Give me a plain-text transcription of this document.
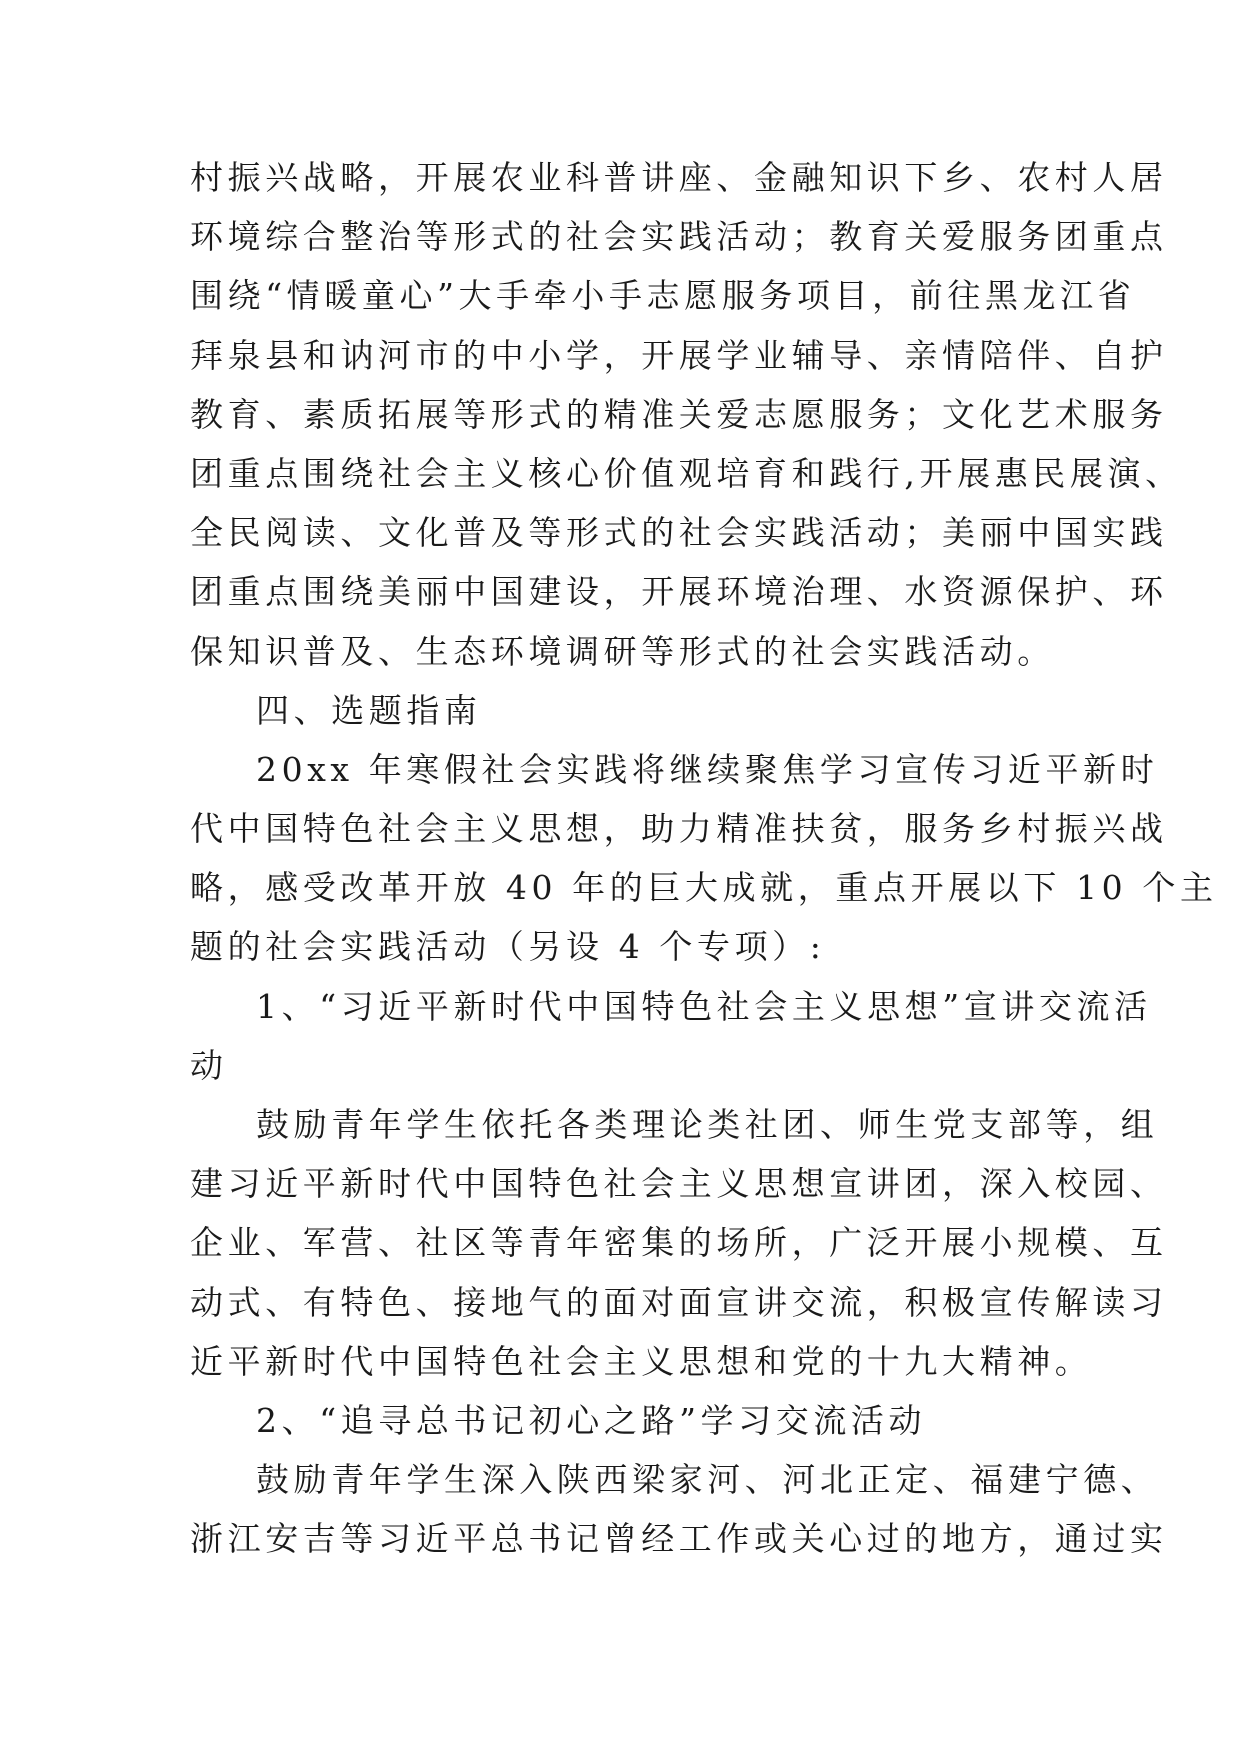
村振兴战略，开展农业科普讲座、金融知识下乡、农村人居
环境综合整治等形式的社会实践活动；教育关爱服务团重点
围绕“情暖童心”大手牵小手志愿服务项目，前往黑龙江省
拜泉县和讷河市的中小学，开展学业辅导、亲情陪伴、自护
教育、素质拓展等形式的精准关爱志愿服务；文化艺术服务
团重点围绕社会主义核心价值观培育和践行,开展惠民展演、
全民阅读、文化普及等形式的社会实践活动；美丽中国实践
团重点围绕美丽中国建设，开展环境治理、水资源保护、环
保知识普及、生态环境调研等形式的社会实践活动。
四、选题指南
20xx 年寒假社会实践将继续聚焦学习宣传习近平新时
代中国特色社会主义思想，助力精准扶贫，服务乡村振兴战
略，感受改革开放 40 年的巨大成就，重点开展以下 10 个主
题的社会实践活动（另设 4 个专项）:
1、“习近平新时代中国特色社会主义思想”宣讲交流活
动
鼓励青年学生依托各类理论类社团、师生党支部等，组
建习近平新时代中国特色社会主义思想宣讲团，深入校园、
企业、军营、社区等青年密集的场所，广泛开展小规模、互
动式、有特色、接地气的面对面宣讲交流，积极宣传解读习
近平新时代中国特色社会主义思想和党的十九大精神。
2、“追寻总书记初心之路”学习交流活动
鼓励青年学生深入陕西梁家河、河北正定、福建宁德、
浙江安吉等习近平总书记曾经工作或关心过的地方，通过实
